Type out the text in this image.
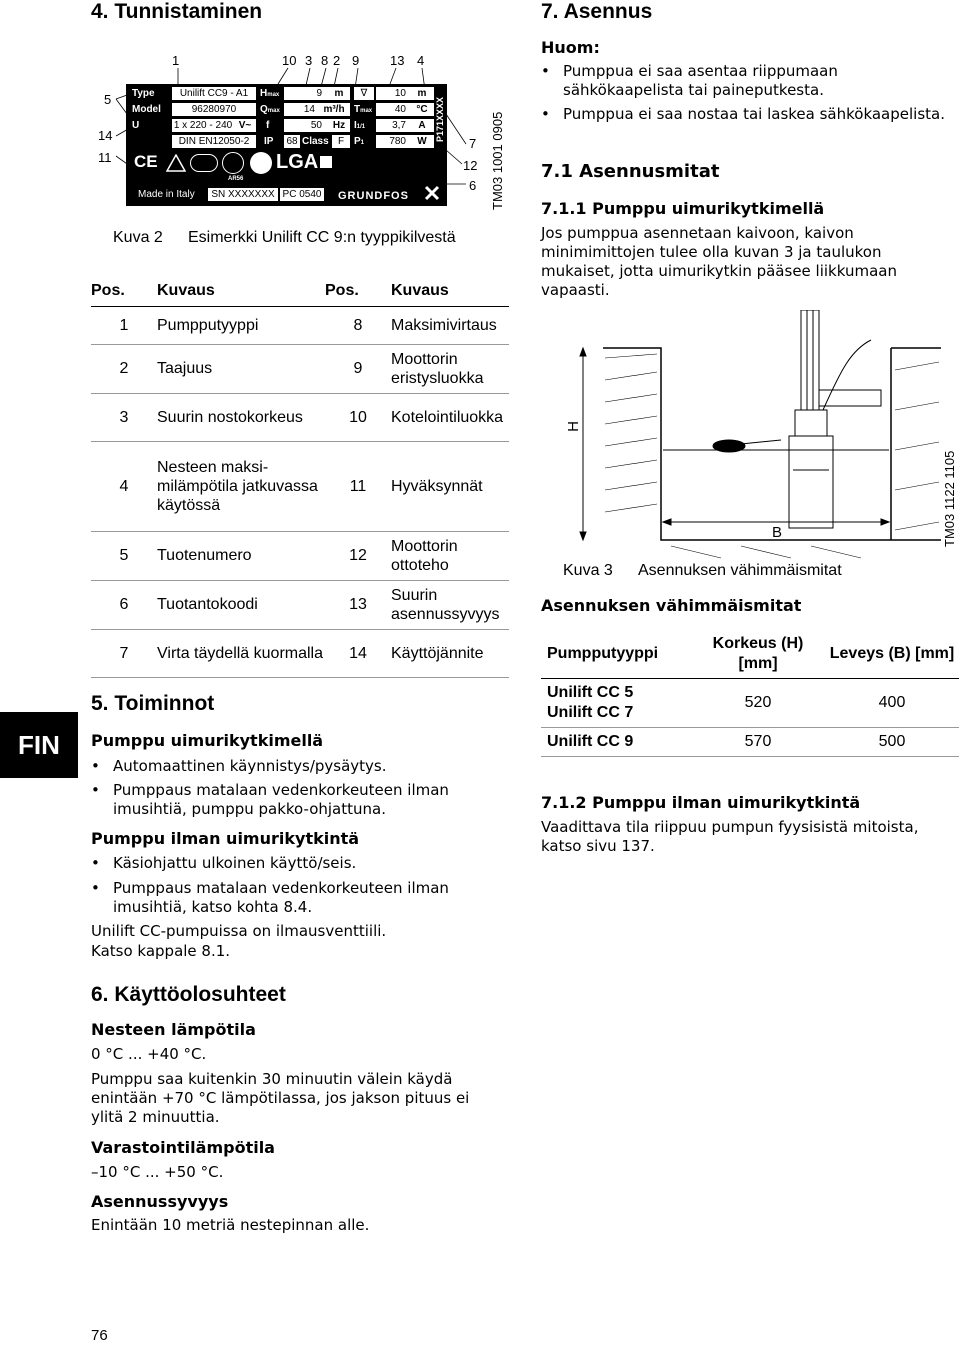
4. Tunnistaminen
1	10 3 8 2 9 13 4
5
14
11
7
12
6
Type	Unilift CC9 - A1	Hmax	9	m	∇	10	m
Model	96280970	Qmax	14 m³/h Tmax	40	°C
U	1 x 220 - 240 V~	f	50	Hz I1/1	3,7	A
DIN EN12050-2	IP 68 Class F P1	780	W
CE
AR56
LGA
Made in Italy	SN XXXXXXX PC 0540 GRUNDFOS
P171XXXX	TM03 1001 0905
Kuva 2 Esimerkki Unilift CC 9:n tyyppikilvestä
Pos.	Kuvaus	Pos.	Kuvaus
1	Pumpputyyppi	8	Maksimivirtaus
2	Taajuus	9	Moottorin eristysluokka
3	Suurin nostokorkeus	10	Kotelointiluokka
4	Nesteen maksi-milämpötila jatkuvassa käytössä	11	Hyväksynnät
5	Tuotenumero	12	Moottorin ottoteho
6	Tuotantokoodi	13	Suurin asennussyvyys
7	Virta täydellä kuormalla	14	Käyttöjännite
FIN
5. Toiminnot
Pumppu uimurikytkimellä
• Automaattinen käynnistys/pysäytys.
• Pumppaus matalaan vedenkorkeuteen ilman imusihtiä, pumppu pakko-ohjattuna.
Pumppu ilman uimurikytkintä
• Käsiohjattu ulkoinen käyttö/seis.
• Pumppaus matalaan vedenkorkeuteen ilman imusihtiä, katso kohta 8.4.
Unilift CC-pumpuissa on ilmausventtiili.
Katso kappale 8.1.
6. Käyttöolosuhteet
Nesteen lämpötila
0 °C ... +40 °C.
Pumppu saa kuitenkin 30 minuutin välein käydä enintään +70 °C lämpötilassa, jos jakson pituus ei ylitä 2 minuuttia.
Varastointilämpötila
–10 °C ... +50 °C.
Asennussyvyys
Enintään 10 metriä nestepinnan alle.
76
7. Asennus
Huom:
• Pumppua ei saa asentaa riippumaan sähkökaapelista tai paineputkesta.
• Pumppua ei saa nostaa tai laskea sähkökaapelista.
7.1 Asennusmitat
7.1.1 Pumppu uimurikytkimellä
Jos pumppua asennetaan kaivoon, kaivon minimimittojen tulee olla kuvan 3 ja taulukon mukaiset, jotta uimurikytkin pääsee liikkumaan vapaasti.
H
B	TM03 1122 1105
Kuva 3 Asennuksen vähimmäismitat
Asennuksen vähimmäismitat
Pumpputyyppi	Korkeus (H) [mm]	Leveys (B) [mm]

Unilift CC 5
Unilift CC 7	520	400
Unilift CC 9	570	500
7.1.2 Pumppu ilman uimurikytkintä
Vaadittava tila riippuu pumpun fyysisistä mitoista, katso sivu 137.
